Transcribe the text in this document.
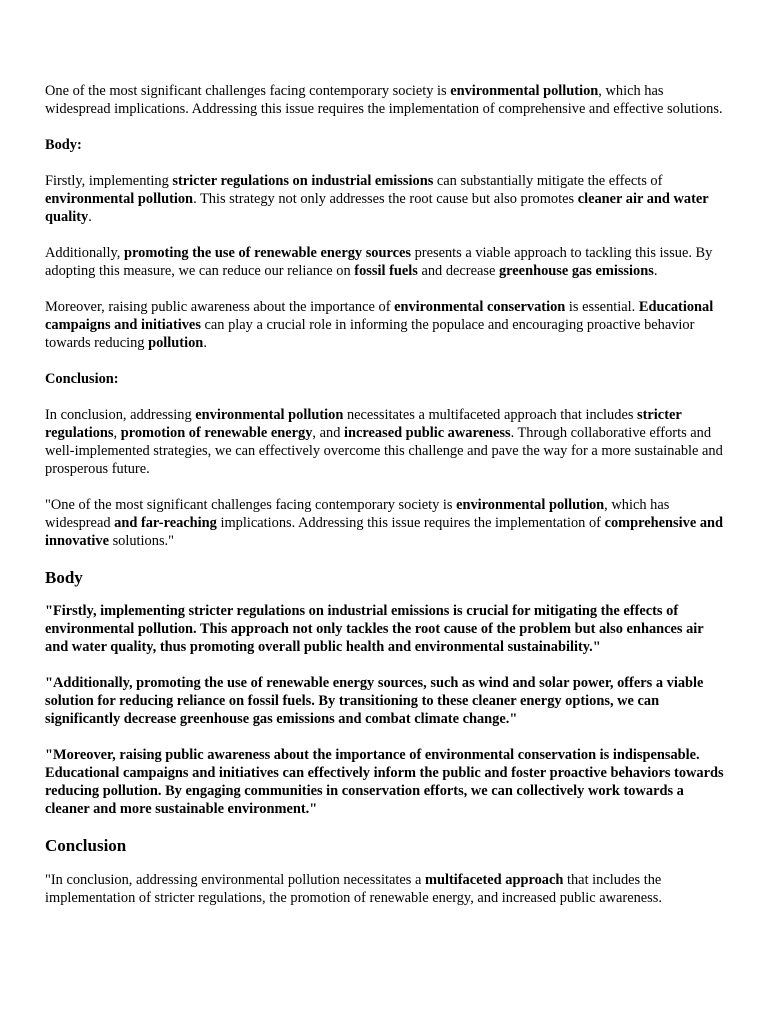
One of the most significant challenges facing contemporary society is environmental pollution, which has widespread implications. Addressing this issue requires the implementation of comprehensive and effective solutions.

Body:

Firstly, implementing stricter regulations on industrial emissions can substantially mitigate the effects of environmental pollution. This strategy not only addresses the root cause but also promotes cleaner air and water quality.

Additionally, promoting the use of renewable energy sources presents a viable approach to tackling this issue. By adopting this measure, we can reduce our reliance on fossil fuels and decrease greenhouse gas emissions.

Moreover, raising public awareness about the importance of environmental conservation is essential. Educational campaigns and initiatives can play a crucial role in informing the populace and encouraging proactive behavior towards reducing pollution.

Conclusion:

In conclusion, addressing environmental pollution necessitates a multifaceted approach that includes stricter regulations, promotion of renewable energy, and increased public awareness. Through collaborative efforts and well-implemented strategies, we can effectively overcome this challenge and pave the way for a more sustainable and prosperous future.

"One of the most significant challenges facing contemporary society is environmental pollution, which has widespread and far-reaching implications. Addressing this issue requires the implementation of comprehensive and innovative solutions."

Body

"Firstly, implementing stricter regulations on industrial emissions is crucial for mitigating the effects of environmental pollution. This approach not only tackles the root cause of the problem but also enhances air and water quality, thus promoting overall public health and environmental sustainability."

"Additionally, promoting the use of renewable energy sources, such as wind and solar power, offers a viable solution for reducing reliance on fossil fuels. By transitioning to these cleaner energy options, we can significantly decrease greenhouse gas emissions and combat climate change."

"Moreover, raising public awareness about the importance of environmental conservation is indispensable. Educational campaigns and initiatives can effectively inform the public and foster proactive behaviors towards reducing pollution. By engaging communities in conservation efforts, we can collectively work towards a cleaner and more sustainable environment."

Conclusion

"In conclusion, addressing environmental pollution necessitates a multifaceted approach that includes the implementation of stricter regulations, the promotion of renewable energy, and increased public awareness.
